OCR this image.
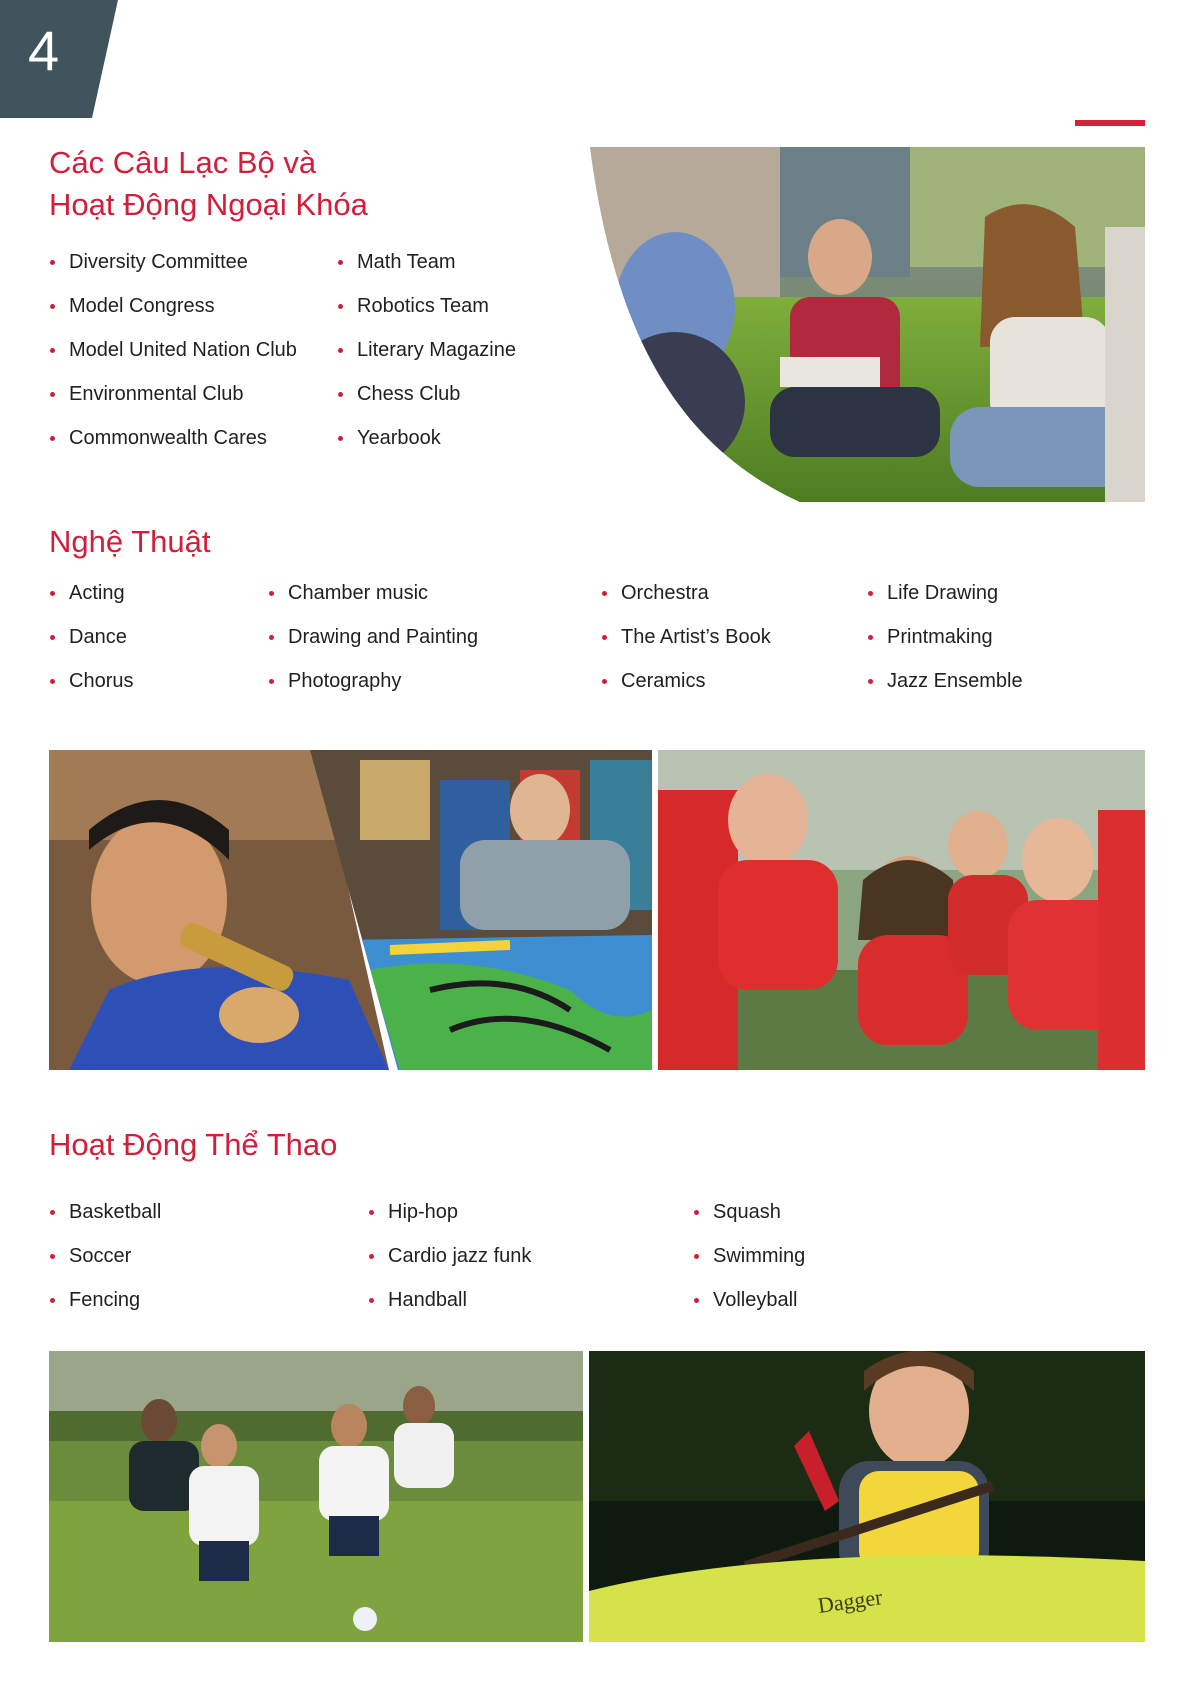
4
Các Câu Lạc Bộ và
Hoạt Động Ngoại Khóa
Diversity Committee
Model Congress
Model United Nation Club
Environmental Club
Commonwealth Cares
Math Team
Robotics Team
Literary Magazine
Chess Club
Yearbook
Nghệ Thuật
Acting
Dance
Chorus
Chamber music
Drawing and Painting
Photography
Orchestra
The Artist’s Book
Ceramics
Life Drawing
Printmaking
Jazz Ensemble
Hoạt Động Thể Thao
Basketball
Soccer
Fencing
Hip-hop
Cardio jazz funk
Handball
Squash
Swimming
Volleyball
Dagger
